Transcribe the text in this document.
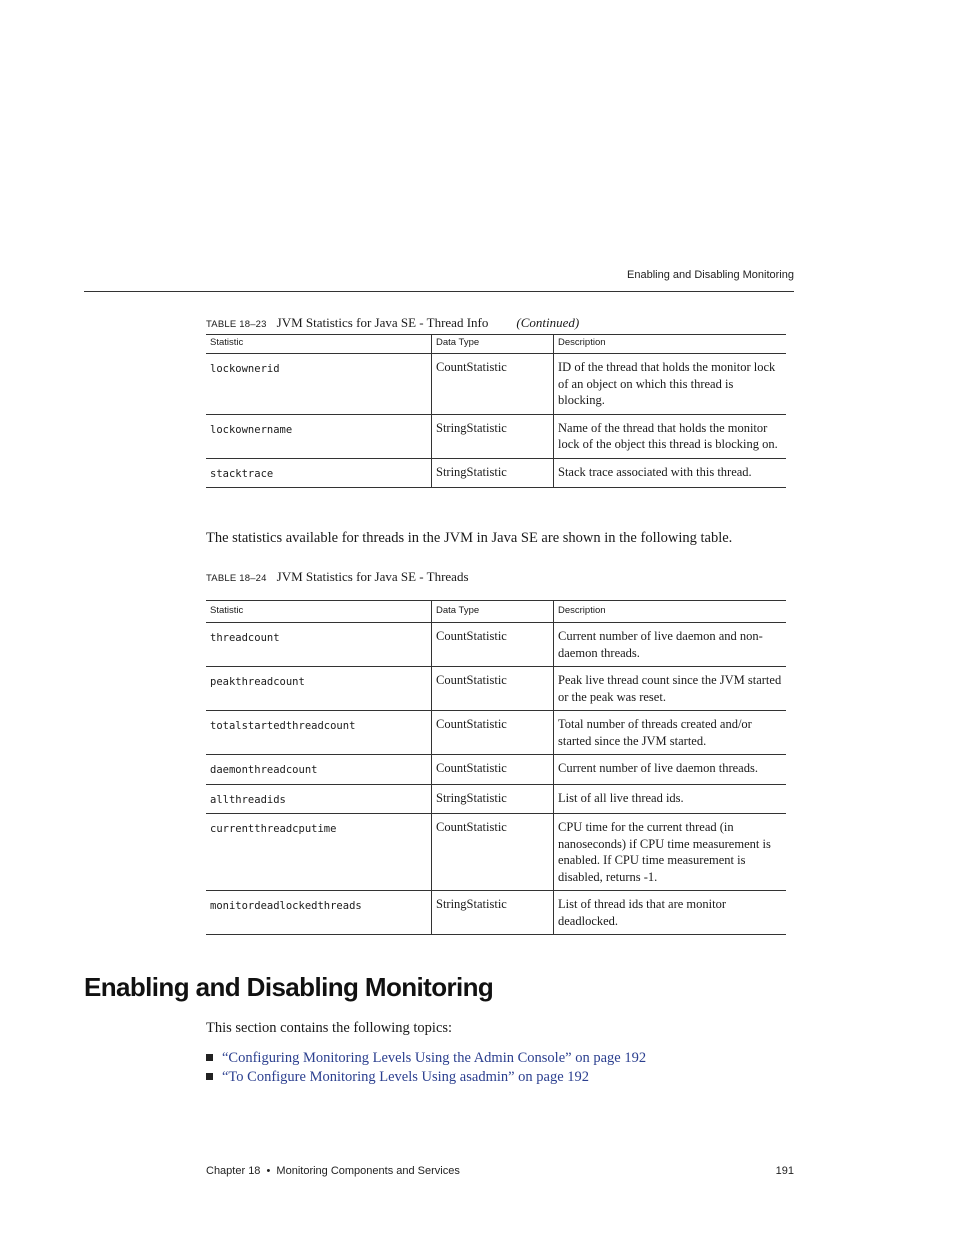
Enabling and Disabling Monitoring
TABLE 18–23 JVM Statistics for Java SE - Thread Info (Continued)
Statistic	Data Type	Description
lockownerid	CountStatistic	ID of the thread that holds the monitor lock of an object on which this thread is blocking.
lockownername	StringStatistic	Name of the thread that holds the monitor lock of the object this thread is blocking on.
stacktrace	StringStatistic	Stack trace associated with this thread.

The statistics available for threads in the JVM in Java SE are shown in the following table.

TABLE 18–24 JVM Statistics for Java SE - Threads
Statistic	Data Type	Description
threadcount	CountStatistic	Current number of live daemon and non-daemon threads.
peakthreadcount	CountStatistic	Peak live thread count since the JVM started or the peak was reset.
totalstartedthreadcount	CountStatistic	Total number of threads created and/or started since the JVM started.
daemonthreadcount	CountStatistic	Current number of live daemon threads.
allthreadids	StringStatistic	List of all live thread ids.
currentthreadcputime	CountStatistic	CPU time for the current thread (in nanoseconds) if CPU time measurement is enabled. If CPU time measurement is disabled, returns -1.
monitordeadlockedthreads	StringStatistic	List of thread ids that are monitor deadlocked.
Enabling and Disabling Monitoring

This section contains the following topics:

“Configuring Monitoring Levels Using the Admin Console” on page 192
“To Configure Monitoring Levels Using asadmin” on page 192
Chapter 18 • Monitoring Components and Services	191
